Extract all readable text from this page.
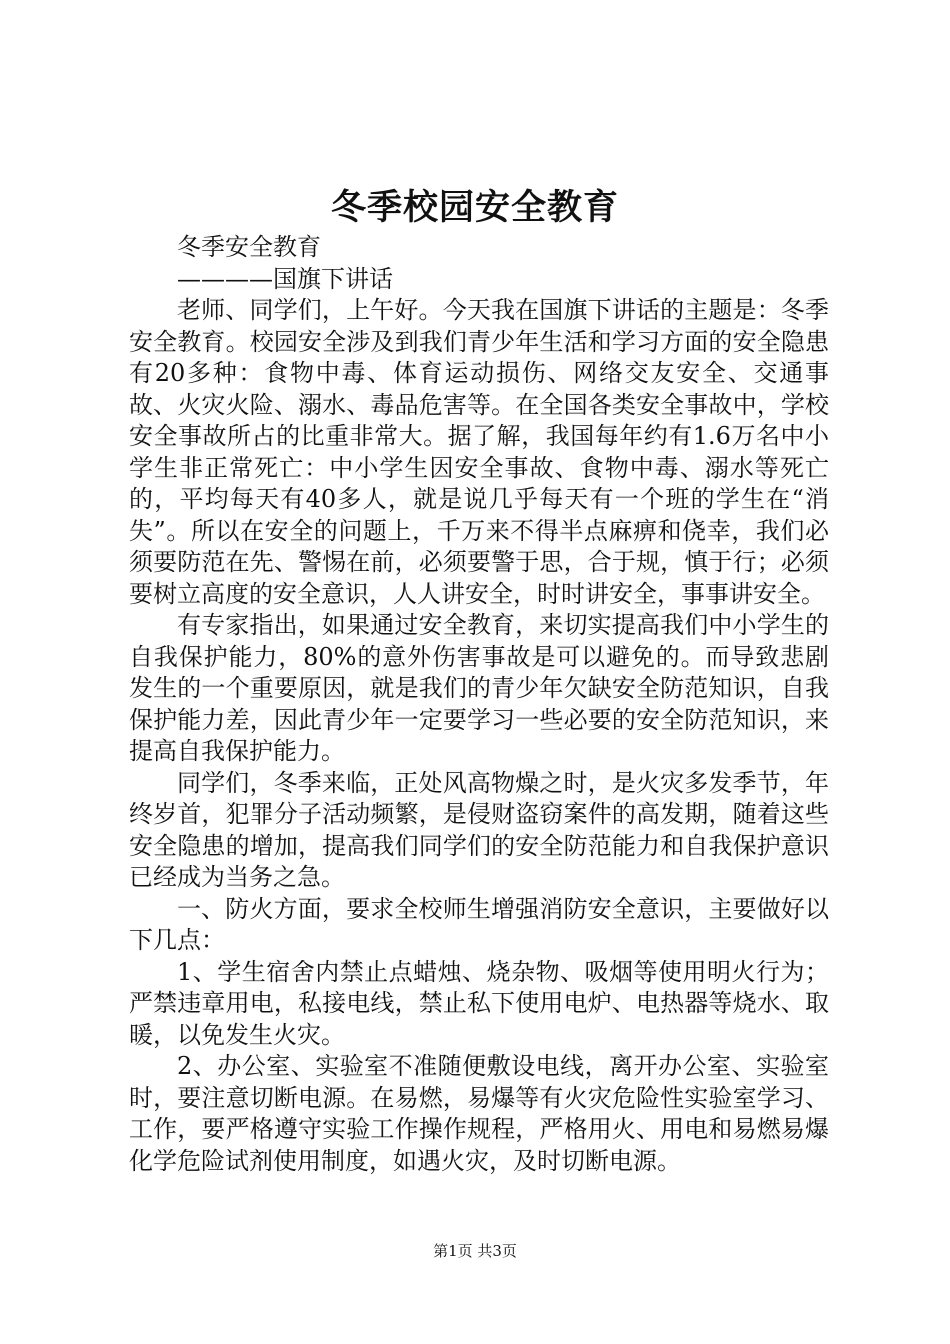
冬季校园安全教育

冬季安全教育

————国旗下讲话

老师、同学们，上午好。今天我在国旗下讲话的主题是：冬季安全教育。校园安全涉及到我们青少年生活和学习方面的安全隐患有20多种：食物中毒、体育运动损伤、网络交友安全、交通事故、火灾火险、溺水、毒品危害等。在全国各类安全事故中，学校安全事故所占的比重非常大。据了解，我国每年约有1.6万名中小学生非正常死亡：中小学生因安全事故、食物中毒、溺水等死亡的，平均每天有40多人，就是说几乎每天有一个班的学生在“消失”。所以在安全的问题上，千万来不得半点麻痹和侥幸，我们必须要防范在先、警惕在前，必须要警于思，合于规，慎于行；必须要树立高度的安全意识，人人讲安全，时时讲安全，事事讲安全。

有专家指出，如果通过安全教育，来切实提高我们中小学生的自我保护能力，80%的意外伤害事故是可以避免的。而导致悲剧发生的一个重要原因，就是我们的青少年欠缺安全防范知识，自我保护能力差，因此青少年一定要学习一些必要的安全防范知识，来提高自我保护能力。

同学们，冬季来临，正处风高物燥之时，是火灾多发季节，年终岁首，犯罪分子活动频繁，是侵财盗窃案件的高发期，随着这些安全隐患的增加，提高我们同学们的安全防范能力和自我保护意识已经成为当务之急。

一、防火方面，要求全校师生增强消防安全意识，主要做好以下几点：

1、学生宿舍内禁止点蜡烛、烧杂物、吸烟等使用明火行为；严禁违章用电，私接电线，禁止私下使用电炉、电热器等烧水、取暖，以免发生火灾。

2、办公室、实验室不准随便敷设电线，离开办公室、实验室时，要注意切断电源。在易燃，易爆等有火灾危险性实验室学习、工作，要严格遵守实验工作操作规程，严格用火、用电和易燃易爆化学危险试剂使用制度，如遇火灾，及时切断电源。

第1页 共3页
